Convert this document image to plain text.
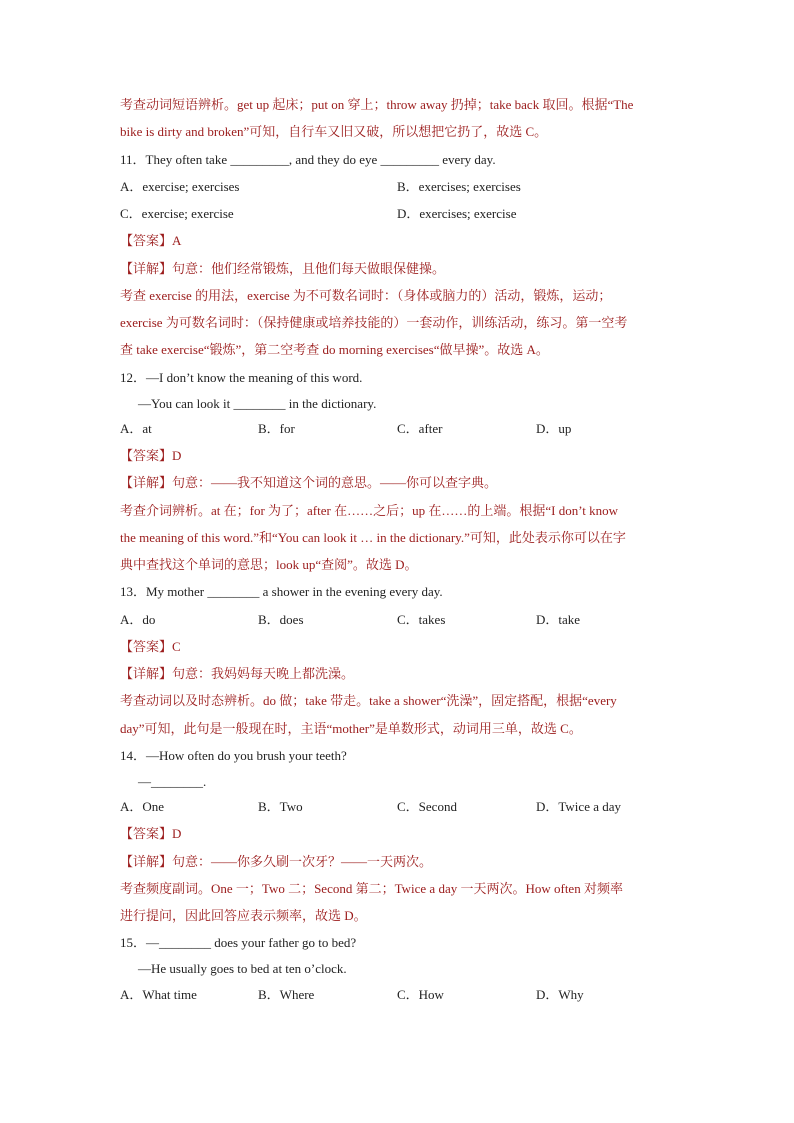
考查动词短语辨析。get up 起床；put on 穿上；throw away 扔掉；take back 取回。根据“The
bike is dirty and broken”可知，自行车又旧又破，所以想把它扔了，故选 C。
11．They often take _________, and they do eye _________ every day.
A．exercise; exercises	B．exercises; exercises
C．exercise; exercise	D．exercises; exercise
【答案】A
【详解】句意：他们经常锻炼，且他们每天做眼保健操。
考查 exercise 的用法，exercise 为不可数名词时：（身体或脑力的）活动，锻炼，运动；
exercise 为可数名词时：（保持健康或培养技能的）一套动作，训练活动，练习。第一空考
查 take exercise“锻炼”，第二空考查 do morning exercises“做早操”。故选 A。
12．—I don’t know the meaning of this word.
—You can look it ________ in the dictionary.
A．at	B．for	C．after	D．up
【答案】D
【详解】句意：——我不知道这个词的意思。——你可以查字典。
考查介词辨析。at 在；for 为了；after 在……之后；up 在……的上端。根据“I don’t know
the meaning of this word.”和“You can look it … in the dictionary.”可知，此处表示你可以在字
典中查找这个单词的意思；look up“查阅”。故选 D。
13．My mother ________ a shower in the evening every day.
A．do	B．does	C．takes	D．take
【答案】C
【详解】句意：我妈妈每天晚上都洗澡。
考查动词以及时态辨析。do 做；take 带走。take a shower“洗澡”，固定搭配，根据“every
day”可知，此句是一般现在时，主语“mother”是单数形式，动词用三单，故选 C。
14．—How often do you brush your teeth?
—________.
A．One	B．Two	C．Second	D．Twice a day
【答案】D
【详解】句意：——你多久刷一次牙？——一天两次。
考查频度副词。One 一；Two 二；Second 第二；Twice a day 一天两次。How often 对频率
进行提问，因此回答应表示频率，故选 D。
15．—________ does your father go to bed?
—He usually goes to bed at ten o’clock.
A．What time	B．Where	C．How	D．Why
